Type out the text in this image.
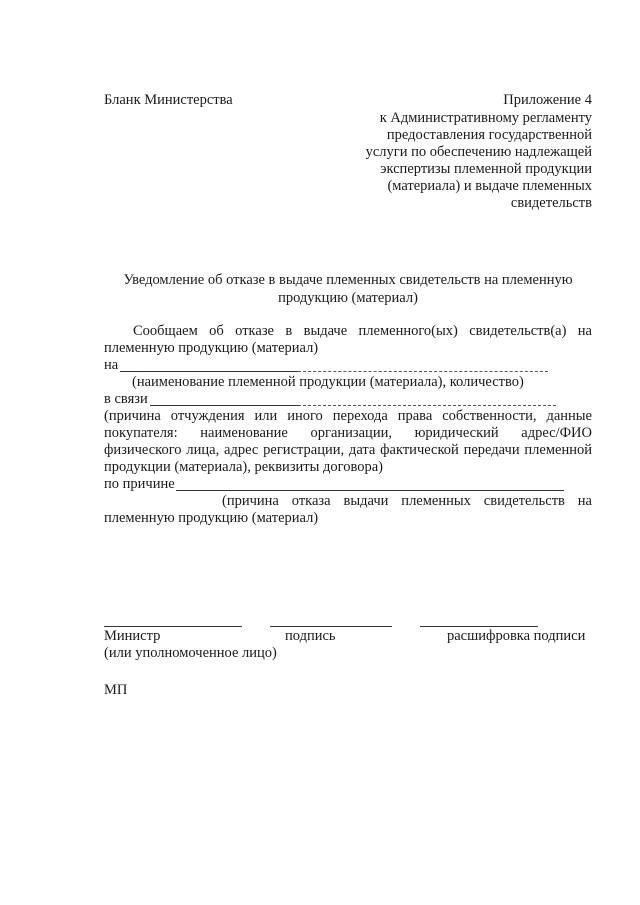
Бланк Министерства	Приложение 4
к Административному регламенту
предоставления государственной
услуги по обеспечению надлежащей
экспертизы племенной продукции
(материала) и выдаче племенных
свидетельств
Уведомление об отказе в выдаче племенных свидетельств на племенную
продукцию (материал)
Сообщаем об отказе в выдаче племенного(ых) свидетельств(а) на
племенную продукцию (материал)
на
(наименование племенной продукции (материала), количество)
в связи
(причина отчуждения или иного перехода права собственности, данные
покупателя: наименование организации, юридический адрес/ФИО
физического лица, адрес регистрации, дата фактической передачи племенной
продукции (материала), реквизиты договора)
по причине
(причина отказа выдачи племенных свидетельств на
племенную продукцию (материал)
Министр	подпись	расшифровка подписи
(или уполномоченное лицо)
МП
